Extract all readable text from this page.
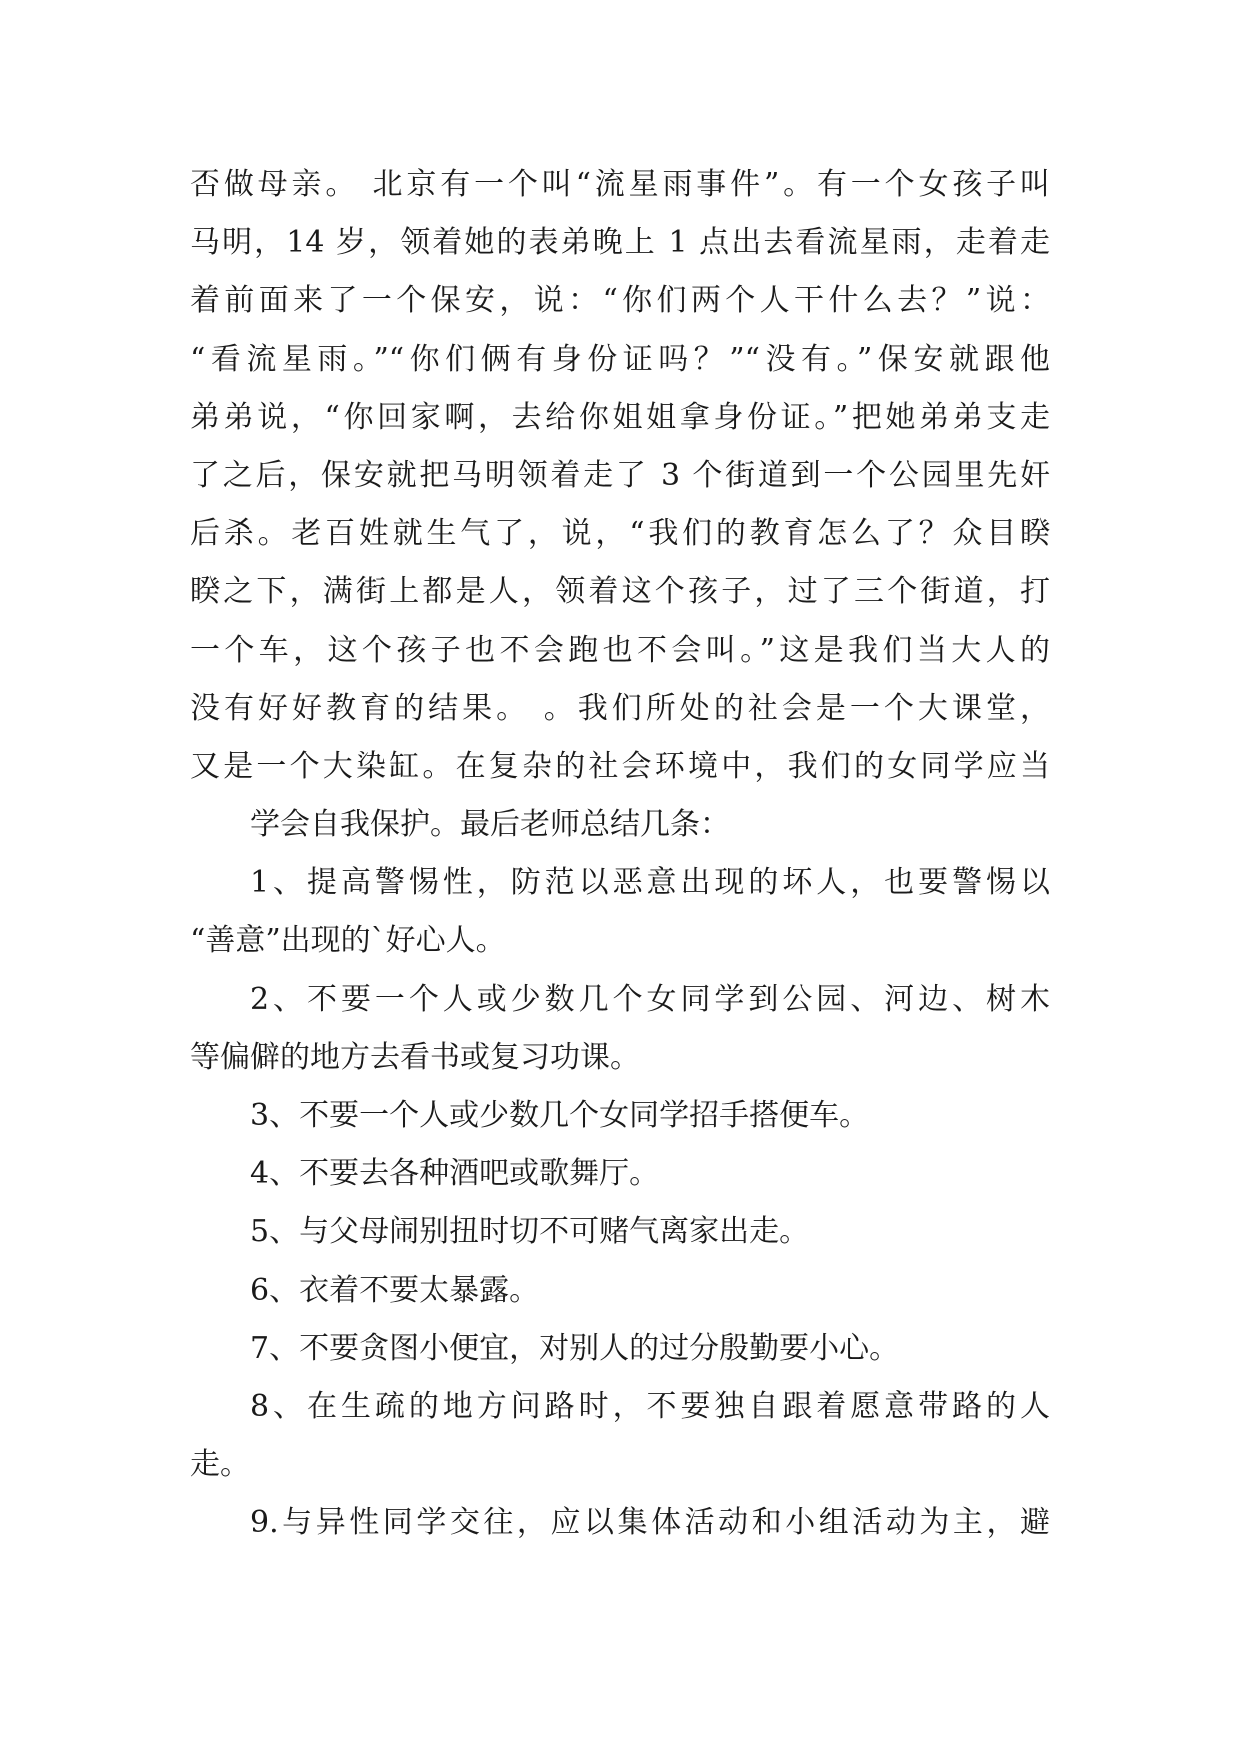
否做母亲。 北京有一个叫“流星雨事件”。有一个女孩子叫
马明，14 岁，领着她的表弟晚上 1 点出去看流星雨，走着走
着前面来了一个保安，说：“你们两个人干什么去？”说：
“看流星雨。”“你们俩有身份证吗？”“没有。”保安就跟他
弟弟说，“你回家啊，去给你姐姐拿身份证。”把她弟弟支走
了之后，保安就把马明领着走了 3 个街道到一个公园里先奸
后杀。老百姓就生气了，说，“我们的教育怎么了？众目睽
睽之下，满街上都是人，领着这个孩子，过了三个街道，打
一个车，这个孩子也不会跑也不会叫。”这是我们当大人的
没有好好教育的结果。 。我们所处的社会是一个大课堂，
又是一个大染缸。在复杂的社会环境中，我们的女同学应当
学会自我保护。最后老师总结几条：
1、提高警惕性，防范以恶意出现的坏人，也要警惕以
“善意”出现的`好心人。
2、不要一个人或少数几个女同学到公园、河边、树木
等偏僻的地方去看书或复习功课。
3、不要一个人或少数几个女同学招手搭便车。
4、不要去各种酒吧或歌舞厅。
5、与父母闹别扭时切不可赌气离家出走。
6、衣着不要太暴露。
7、不要贪图小便宜，对别人的过分殷勤要小心。
8、在生疏的地方问路时，不要独自跟着愿意带路的人
走。
9.与异性同学交往，应以集体活动和小组活动为主，避
